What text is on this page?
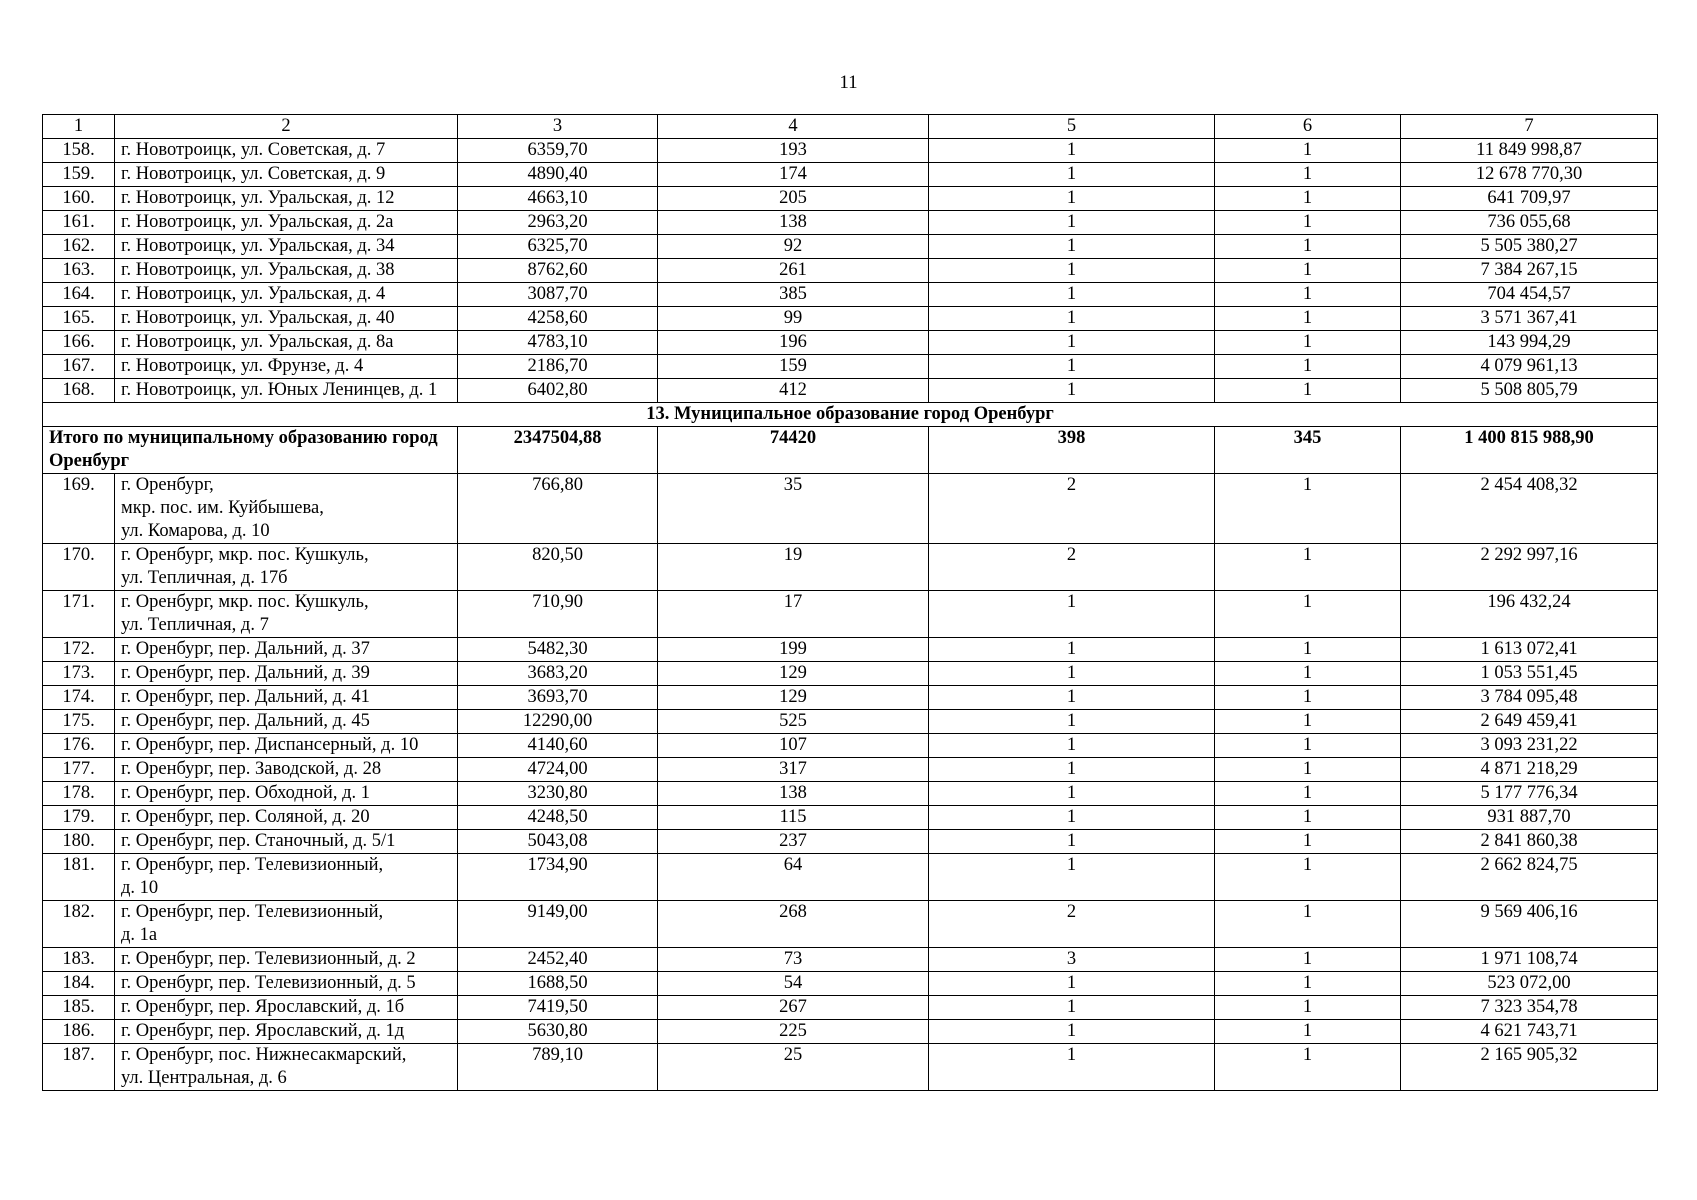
11
1	2	3	4	5	6	7
158.	г. Новотроицк, ул. Советская, д. 7	6359,70	193	1	1	11 849 998,87
159.	г. Новотроицк, ул. Советская, д. 9	4890,40	174	1	1	12 678 770,30
160.	г. Новотроицк, ул. Уральская, д. 12	4663,10	205	1	1	641 709,97
161.	г. Новотроицк, ул. Уральская, д. 2а	2963,20	138	1	1	736 055,68
162.	г. Новотроицк, ул. Уральская, д. 34	6325,70	92	1	1	5 505 380,27
163.	г. Новотроицк, ул. Уральская, д. 38	8762,60	261	1	1	7 384 267,15
164.	г. Новотроицк, ул. Уральская, д. 4	3087,70	385	1	1	704 454,57
165.	г. Новотроицк, ул. Уральская, д. 40	4258,60	99	1	1	3 571 367,41
166.	г. Новотроицк, ул. Уральская, д. 8а	4783,10	196	1	1	143 994,29
167.	г. Новотроицк, ул. Фрунзе, д. 4	2186,70	159	1	1	4 079 961,13
168.	г. Новотроицк, ул. Юных Ленинцев, д. 1	6402,80	412	1	1	5 508 805,79
13. Муниципальное образование город Оренбург						
Итого по муниципальному образованию город Оренбург		2347504,88	74420	398	345	1 400 815 988,90
169.	г. Оренбург,
мкр. пос. им. Куйбышева,
ул. Комарова, д. 10	766,80	35	2	1	2 454 408,32
170.	г. Оренбург, мкр. пос. Кушкуль,
ул. Тепличная, д. 17б	820,50	19	2	1	2 292 997,16
171.	г. Оренбург, мкр. пос. Кушкуль,
ул. Тепличная, д. 7	710,90	17	1	1	196 432,24
172.	г. Оренбург, пер. Дальний, д. 37	5482,30	199	1	1	1 613 072,41
173.	г. Оренбург, пер. Дальний, д. 39	3683,20	129	1	1	1 053 551,45
174.	г. Оренбург, пер. Дальний, д. 41	3693,70	129	1	1	3 784 095,48
175.	г. Оренбург, пер. Дальний, д. 45	12290,00	525	1	1	2 649 459,41
176.	г. Оренбург, пер. Диспансерный, д. 10	4140,60	107	1	1	3 093 231,22
177.	г. Оренбург, пер. Заводской, д. 28	4724,00	317	1	1	4 871 218,29
178.	г. Оренбург, пер. Обходной, д. 1	3230,80	138	1	1	5 177 776,34
179.	г. Оренбург, пер. Соляной, д. 20	4248,50	115	1	1	931 887,70
180.	г. Оренбург, пер. Станочный, д. 5/1	5043,08	237	1	1	2 841 860,38
181.	г. Оренбург, пер. Телевизионный,
д. 10	1734,90	64	1	1	2 662 824,75
182.	г. Оренбург, пер. Телевизионный,
д. 1а	9149,00	268	2	1	9 569 406,16
183.	г. Оренбург, пер. Телевизионный, д. 2	2452,40	73	3	1	1 971 108,74
184.	г. Оренбург, пер. Телевизионный, д. 5	1688,50	54	1	1	523 072,00
185.	г. Оренбург, пер. Ярославский, д. 1б	7419,50	267	1	1	7 323 354,78
186.	г. Оренбург, пер. Ярославский, д. 1д	5630,80	225	1	1	4 621 743,71
187.	г. Оренбург, пос. Нижнесакмарский,
ул. Центральная, д. 6	789,10	25	1	1	2 165 905,32
